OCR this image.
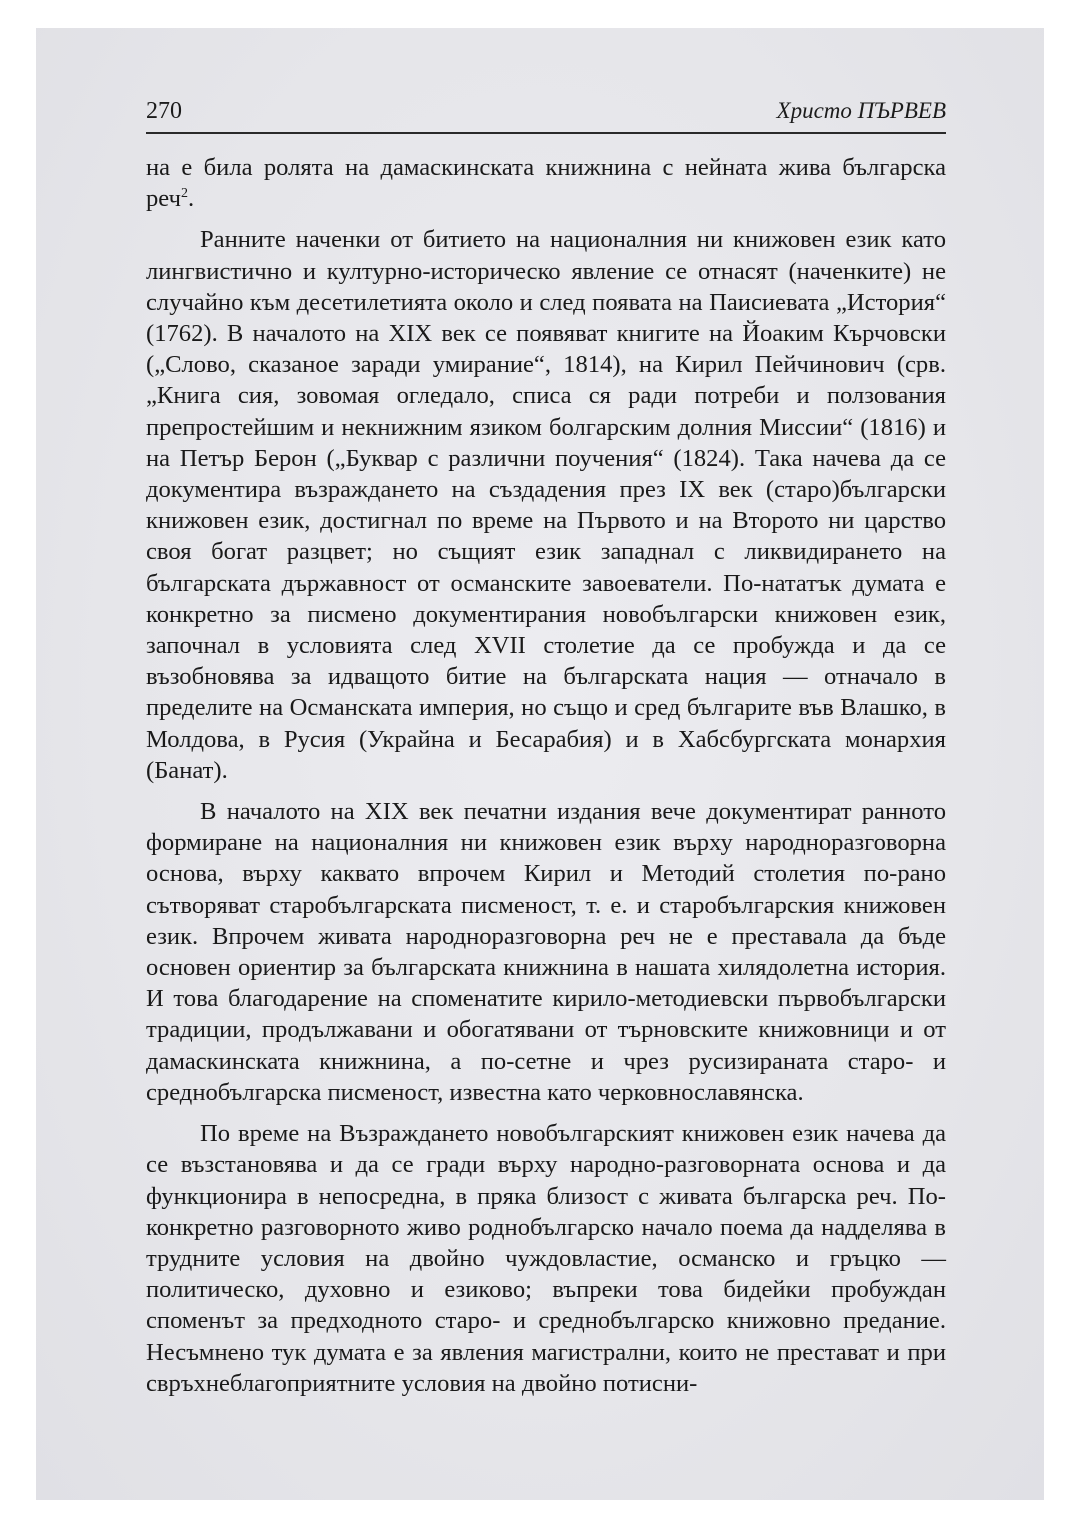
270	Христо ПЪРВЕВ

на е била ролята на дамаскинската книжнина с нейната жива българска реч$^2$.

Ранните наченки от битието на националния ни книжовен език като лингвистично и културно-историческо явление се отнасят (наченките) не случайно към десетилетията около и след появата на Паисиевата „История“ (1762). В началото на XIX век се появяват книгите на Йоаким Кърчовски („Слово, сказаное заради умирание“, 1814), на Кирил Пейчинович (срв. „Книга сия, зовомая огледало, списа ся ради потреби и ползования препростейшим и некнижним язиком болгарским долния Миссии“ (1816) и на Петър Берон („Буквар с различни поучения“ (1824). Така начева да се документира възраждането на създадения през IX век (старо)български книжовен език, достигнал по време на Първото и на Второто ни царство своя богат разцвет; но същият език западнал с ликвидирането на българската държавност от османските завоеватели. По-нататък думата е конкретно за писмено документирания новобългарски книжовен език, започнал в условията след XVII столетие да се пробужда и да се възобновява за идващото битие на българската нация — отначало в пределите на Османската империя, но също и сред българите във Влашко, в Молдова, в Русия (Украйна и Бесарабия) и в Хабсбургската монархия (Банат).

В началото на XIX век печатни издания вече документират ранното формиране на националния ни книжовен език върху народноразговорна основа, върху каквато впрочем Кирил и Методий столетия по-рано сътворяват старобългарската писменост, т. е. и старобългарския книжовен език. Впрочем живата народноразговорна реч не е преставала да бъде основен ориентир за българската книжнина в нашата хилядолетна история. И това благодарение на споменатите кирило-методиевски първобългарски традиции, продължавани и обогатявани от търновските книжовници и от дамаскинската книжнина, а по-сетне и чрез русизираната старо- и среднобългарска писменост, известна като черковнославянска.

По време на Възраждането новобългарският книжовен език начева да се възстановява и да се гради върху народно-разговорната основа и да функционира в непосредна, в пряка близост с живата българска реч. По-конкретно разговорното живо роднобългарско начало поема да надделява в трудните условия на двойно чуждовластие, османско и гръцко — политическо, духовно и езиково; въпреки това бидейки пробуждан споменът за предходното старо- и среднобългарско книжовно предание. Несъмнено тук думата е за явления магистрални, които не престават и при свръхнеблагоприятните условия на двойно потисни-
